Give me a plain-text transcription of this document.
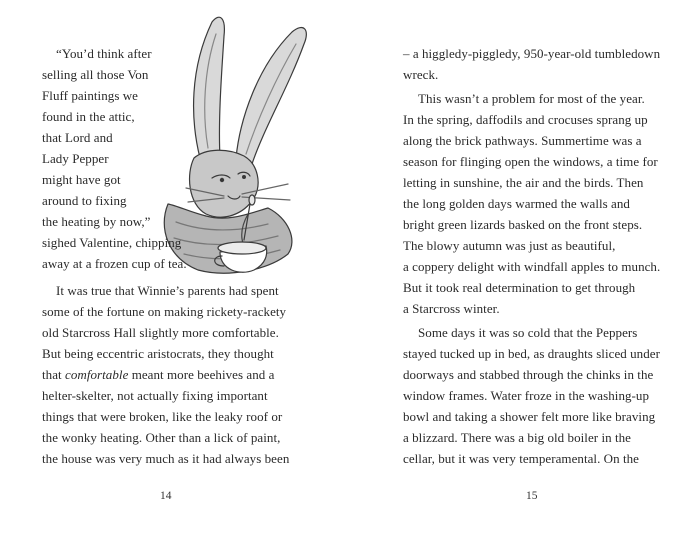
“You’d think after
selling all those Von
Fluff paintings we
found in the attic,
that Lord and
Lady Pepper
might have got
around to fixing
the heating by now,”
sighed Valentine, chipping
away at a frozen cup of tea.
It was true that Winnie’s parents had spent
some of the fortune on making rickety-rackety
old Starcross Hall slightly more comfortable.
But being eccentric aristocrats, they thought
that comfortable meant more beehives and a
helter-skelter, not actually fixing important
things that were broken, like the leaky roof or
the wonky heating. Other than a lick of paint,
the house was very much as it had always been
14
– a higgledy-piggledy, 950-year-old tumbledown
wreck.
This wasn’t a problem for most of the year.
In the spring, daffodils and crocuses sprang up
along the brick pathways. Summertime was a
season for flinging open the windows, a time for
letting in sunshine, the air and the birds. Then
the long golden days warmed the walls and
bright green lizards basked on the front steps.
The blowy autumn was just as beautiful,
a coppery delight with windfall apples to munch.
But it took real determination to get through
a Starcross winter.
Some days it was so cold that the Peppers
stayed tucked up in bed, as draughts sliced under
doorways and stabbed through the chinks in the
window frames. Water froze in the washing-up
bowl and taking a shower felt more like braving
a blizzard. There was a big old boiler in the
cellar, but it was very temperamental. On the
15
